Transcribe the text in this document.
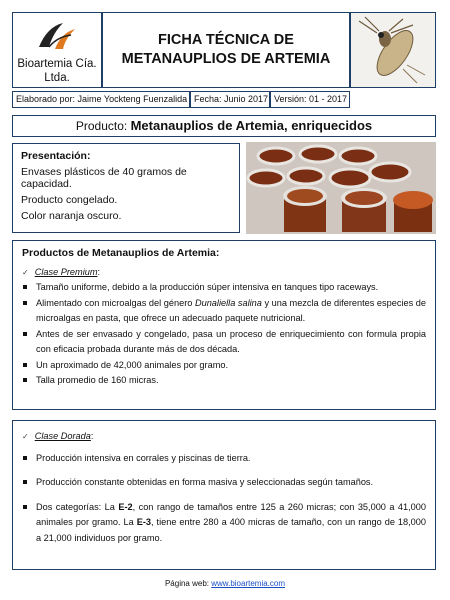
Bioartemia Cía. Ltda.
FICHA TÉCNICA DE
METANAUPLIOS DE ARTEMIA
Elaborado por: Jaime Yockteng Fuenzalida Fecha: Junio 2017 Versión: 01 - 2017
Producto: Metanauplios de Artemia, enriquecidos
Presentación:
Envases plásticos de 40 gramos de capacidad.
Producto congelado.
Color naranja oscuro.
Productos de Metanauplios de Artemia:
✓ Clase Premium:
Tamaño uniforme, debido a la producción súper intensiva en tanques tipo raceways.
Alimentado con microalgas del género Dunaliella salina y una mezcla de diferentes especies de microalgas en pasta, que ofrece un adecuado paquete nutricional.
Antes de ser envasado y congelado, pasa un proceso de enriquecimiento con formula propia con eficacia probada durante más de dos década.
Un aproximado de 42,000 animales por gramo.
Talla promedio de 160 micras.
✓ Clase Dorada:
Producción intensiva en corrales y piscinas de tierra.
Producción constante obtenidas en forma masiva y seleccionadas según tamaños.
Dos categorías: La E-2, con rango de tamaños entre 125 a 260 micras; con 35,000 a 41,000 animales por gramo. La E-3, tiene entre 280 a 400 micras de tamaño, con un rango de 18,000 a 21,000 individuos por gramo.
Página web: www.bioartemia.com
